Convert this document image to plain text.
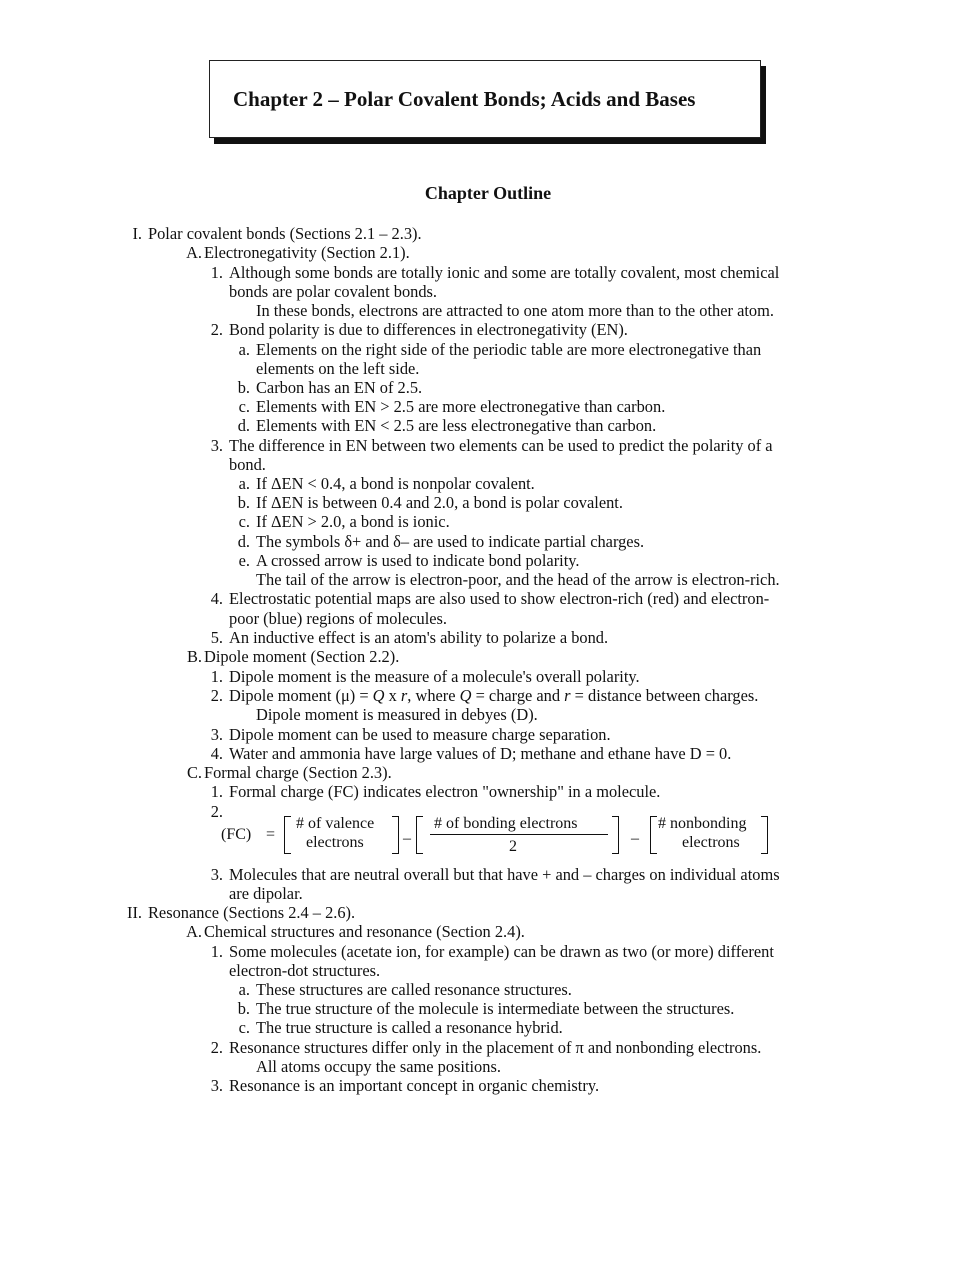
Chapter 2 – Polar Covalent Bonds; Acids and Bases
Chapter Outline
I. Polar covalent bonds (Sections 2.1 – 2.3).
A. Electronegativity (Section 2.1).
1. Although some bonds are totally ionic and some are totally covalent, most chemical
bonds are polar covalent bonds.
In these bonds, electrons are attracted to one atom more than to the other atom.
2. Bond polarity is due to differences in electronegativity (EN).
a. Elements on the right side of the periodic table are more electronegative than
elements on the left side.
b. Carbon has an EN of 2.5.
c. Elements with EN > 2.5 are more electronegative than carbon.
d. Elements with EN < 2.5 are less electronegative than carbon.
3. The difference in EN between two elements can be used to predict the polarity of a
bond.
a. If ΔEN < 0.4, a bond is nonpolar covalent.
b. If ΔEN is between 0.4 and 2.0, a bond is polar covalent.
c. If ΔEN > 2.0, a bond is ionic.
d. The symbols δ+ and δ– are used to indicate partial charges.
e. A crossed arrow is used to indicate bond polarity.
The tail of the arrow is electron-poor, and the head of the arrow is electron-rich.
4. Electrostatic potential maps are also used to show electron-rich (red) and electron-
poor (blue) regions of molecules.
5. An inductive effect is an atom's ability to polarize a bond.
B. Dipole moment (Section 2.2).
1. Dipole moment is the measure of a molecule's overall polarity.
2. Dipole moment (μ) = Q x r, where Q = charge and r = distance between charges.
Dipole moment is measured in debyes (D).
3. Dipole moment can be used to measure charge separation.
4. Water and ammonia have large values of D; methane and ethane have D = 0.
C. Formal charge (Section 2.3).
1. Formal charge (FC) indicates electron "ownership" in a molecule.
2.
(FC) =
# of valence
electrons –
# of bonding electrons
2	–
# nonbonding
electrons
3. Molecules that are neutral overall but that have + and – charges on individual atoms
are dipolar.
II. Resonance (Sections 2.4 – 2.6).
A. Chemical structures and resonance (Section 2.4).
1. Some molecules (acetate ion, for example) can be drawn as two (or more) different
electron-dot structures.
a. These structures are called resonance structures.
b. The true structure of the molecule is intermediate between the structures.
c. The true structure is called a resonance hybrid.
2. Resonance structures differ only in the placement of π and nonbonding electrons.
All atoms occupy the same positions.
3. Resonance is an important concept in organic chemistry.
